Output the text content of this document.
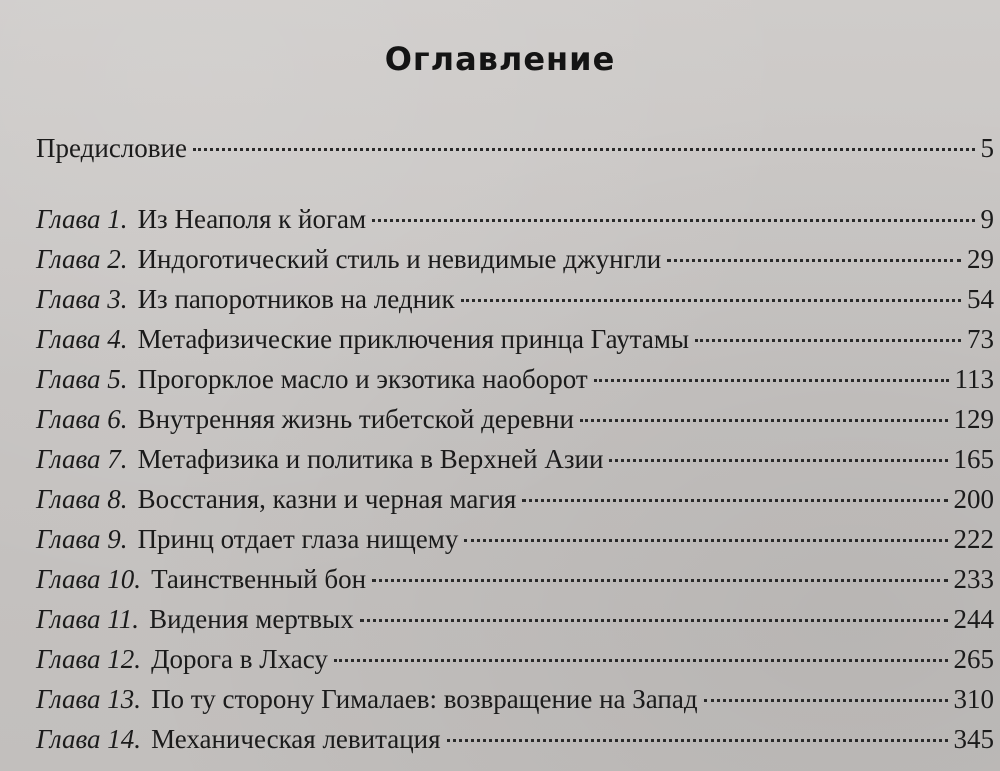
Оглавление
Предисловие	5
Глава 1. Из Неаполя к йогам	9
Глава 2. Индоготический стиль и невидимые джунгли	29
Глава 3. Из папоротников на ледник	54
Глава 4. Метафизические приключения принца Гаутамы	73
Глава 5. Прогорклое масло и экзотика наоборот	113
Глава 6. Внутренняя жизнь тибетской деревни	129
Глава 7. Метафизика и политика в Верхней Азии	165
Глава 8. Восстания, казни и черная магия	200
Глава 9. Принц отдает глаза нищему	222
Глава 10. Таинственный бон	233
Глава 11. Видения мертвых	244
Глава 12. Дорога в Лхасу	265
Глава 13. По ту сторону Гималаев: возвращение на Запад	310
Глава 14. Механическая левитация	345
